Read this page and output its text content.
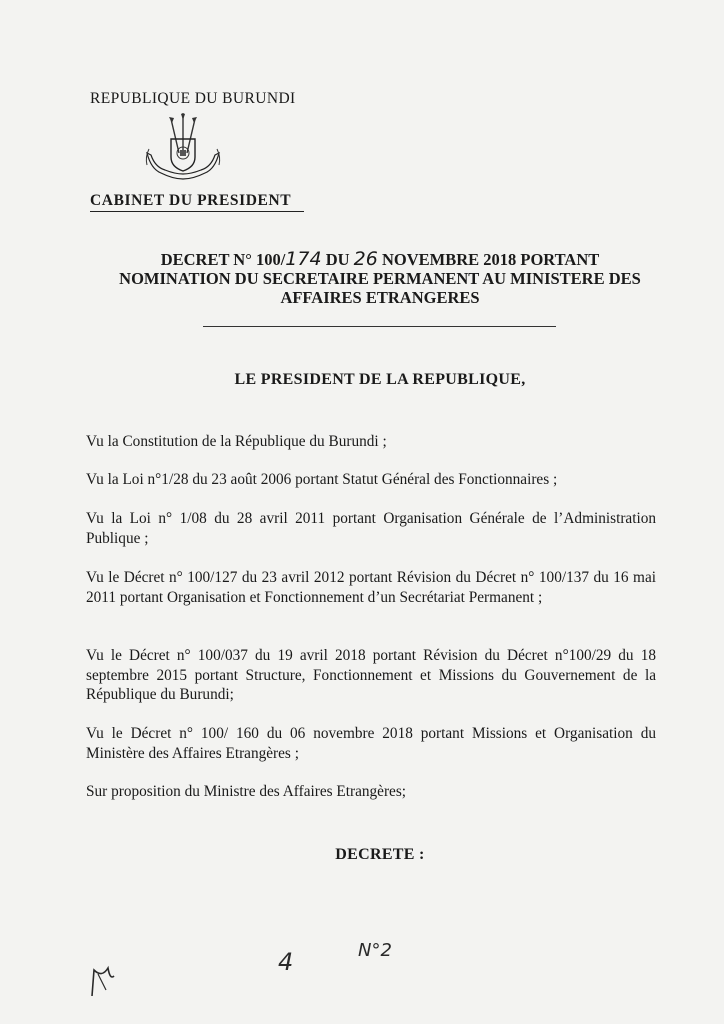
REPUBLIQUE DU BURUNDI
CABINET DU PRESIDENT
DECRET N° 100/174 DU 26 NOVEMBRE 2018 PORTANT
NOMINATION DU SECRETAIRE PERMANENT AU MINISTERE DES
AFFAIRES ETRANGERES
LE PRESIDENT DE LA REPUBLIQUE,
Vu la Constitution de la République du Burundi ;
Vu la Loi n°1/28 du 23 août 2006 portant Statut Général des Fonctionnaires ;
Vu la Loi n° 1/08 du 28 avril 2011 portant Organisation Générale de l’Administration Publique ;
Vu le Décret n° 100/127 du 23 avril 2012 portant Révision du Décret n° 100/137 du 16 mai 2011 portant Organisation et Fonctionnement d’un Secrétariat Permanent ;
Vu le Décret n° 100/037 du 19 avril 2018 portant Révision du Décret n°100/29 du 18 septembre 2015 portant Structure, Fonctionnement et Missions du Gouvernement de la République du Burundi;
Vu le Décret n° 100/ 160 du 06 novembre 2018 portant Missions et Organisation du Ministère des Affaires Etrangères ;
Sur proposition du Ministre des Affaires Etrangères;
DECRETE :
4	N°2
